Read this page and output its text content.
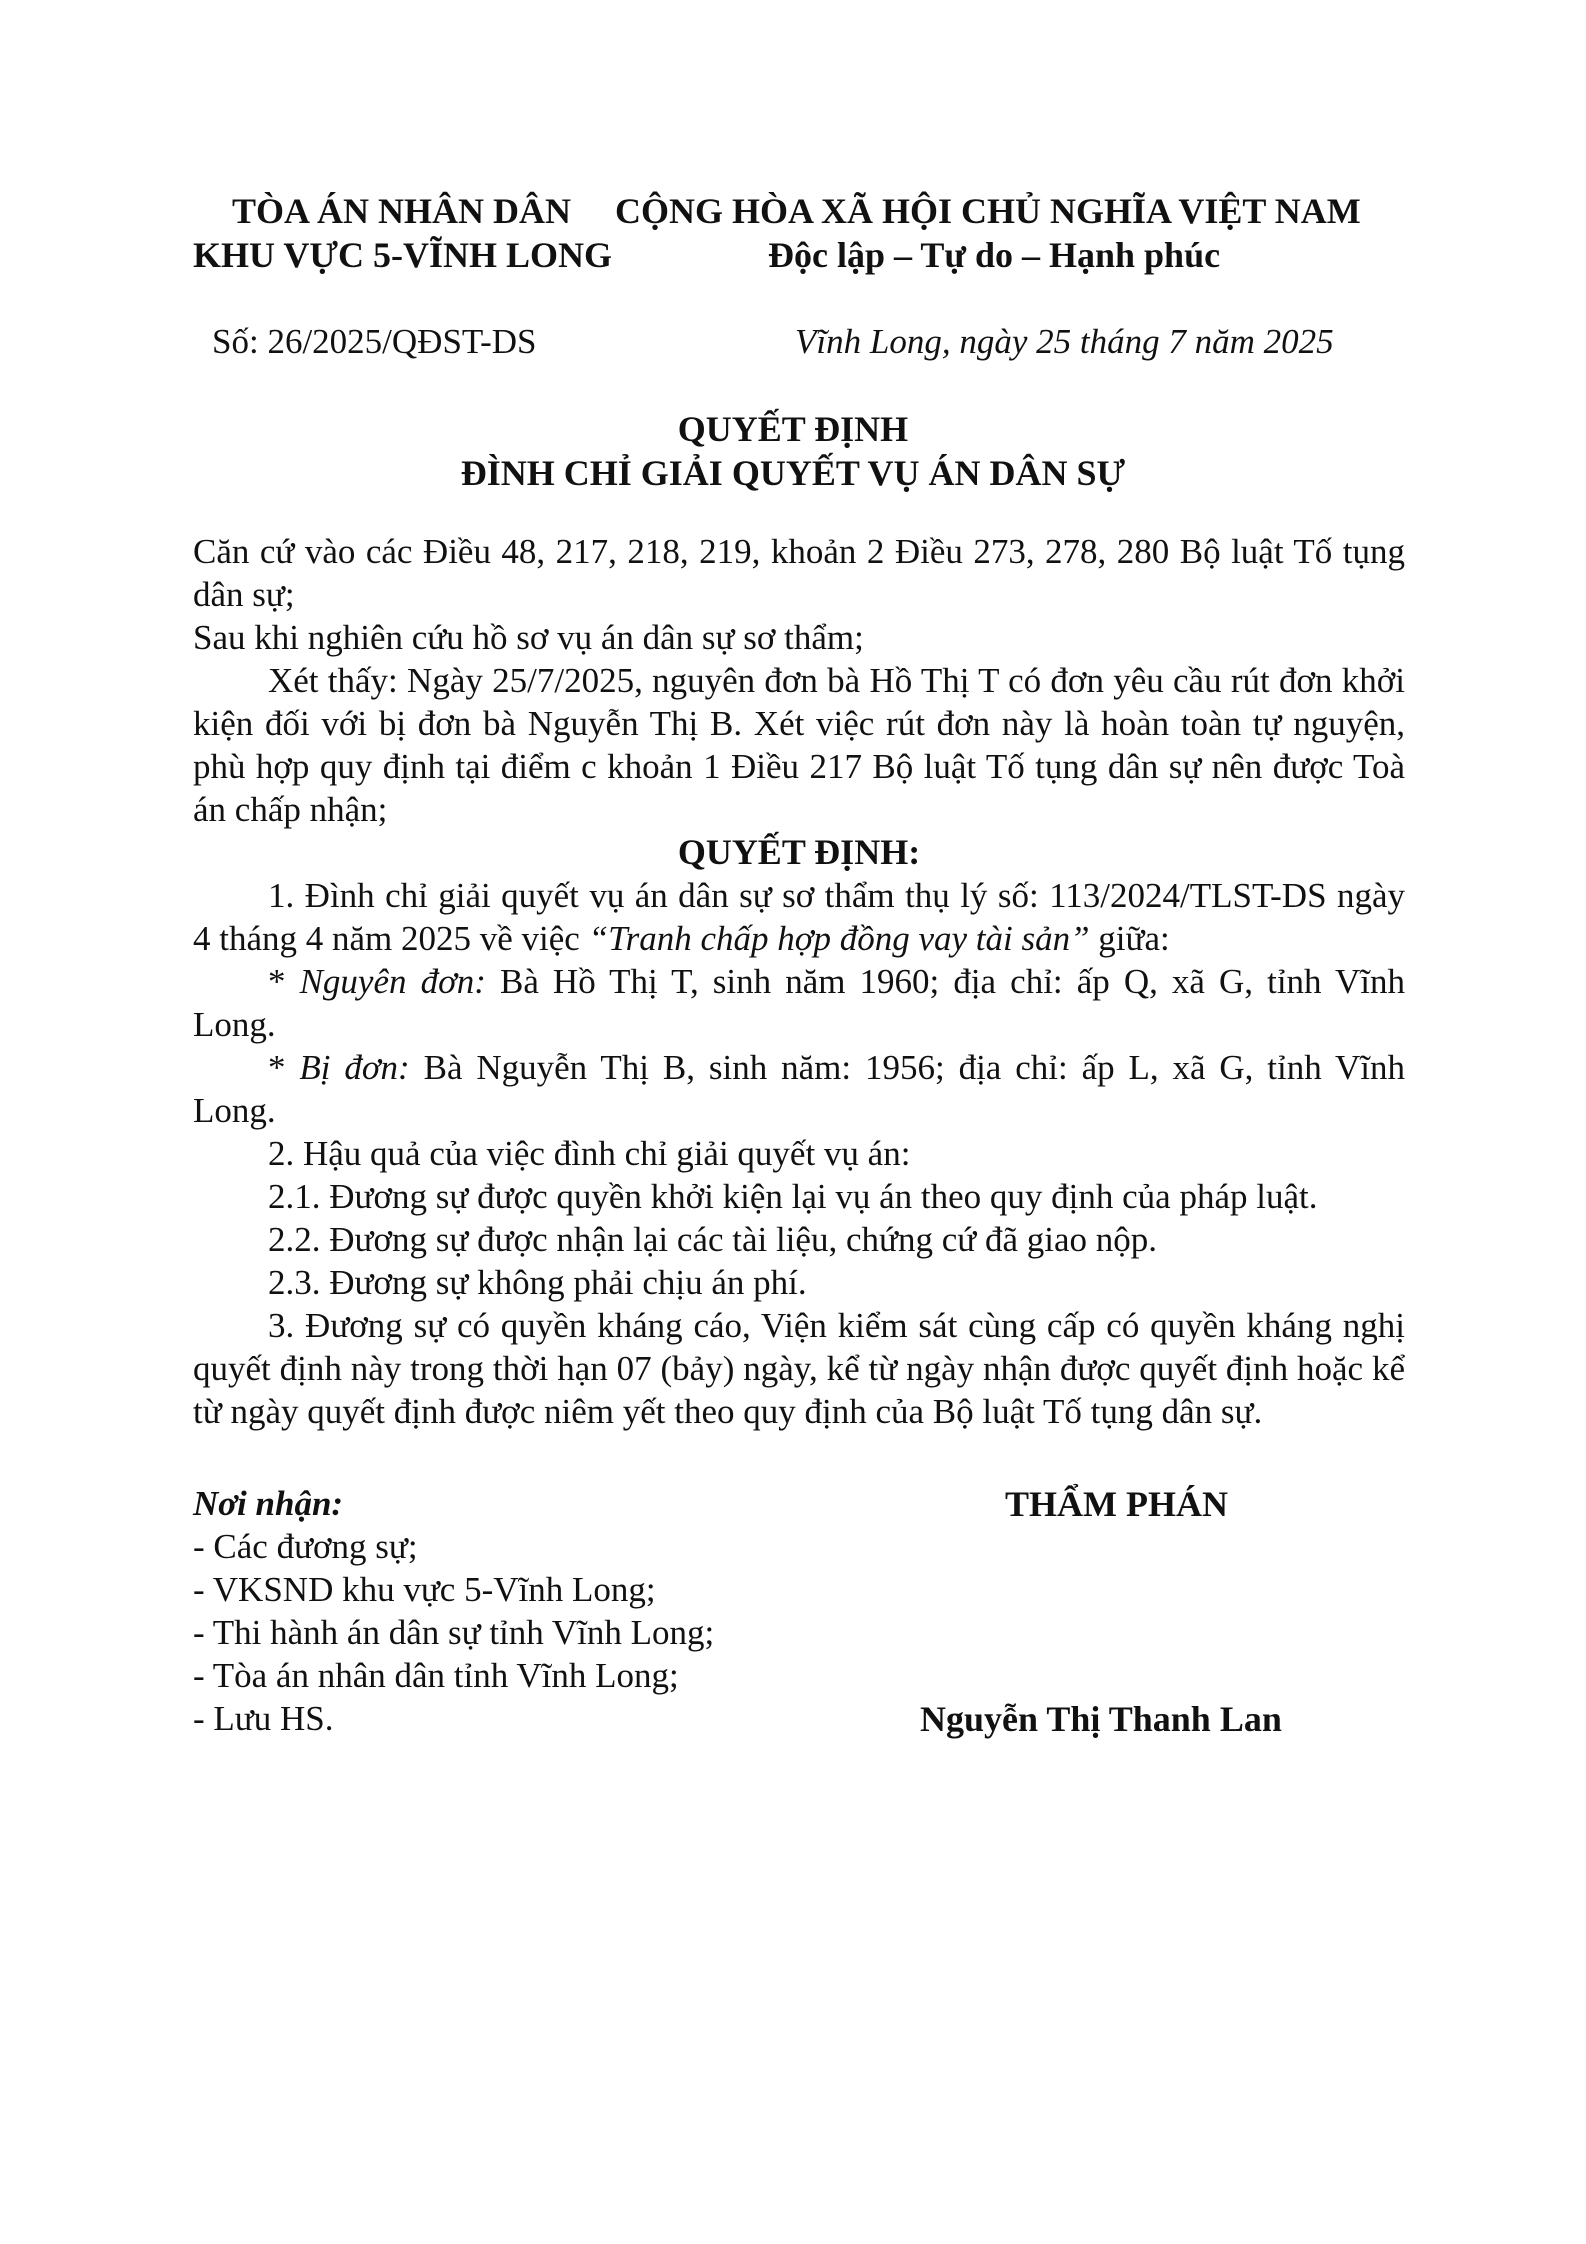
TÒA ÁN NHÂN DÂN
KHU VỰC 5-VĨNH LONG
CỘNG HÒA XÃ HỘI CHỦ NGHĨA VIỆT NAM
Độc lập – Tự do – Hạnh phúc
Số: 26/2025/QĐST-DS	Vĩnh Long, ngày 25 tháng 7 năm 2025
QUYẾT ĐỊNH
ĐÌNH CHỈ GIẢI QUYẾT VỤ ÁN DÂN SỰ

Căn cứ vào các Điều 48, 217, 218, 219, khoản 2 Điều 273, 278, 280 Bộ luật Tố tụng dân sự;

Sau khi nghiên cứu hồ sơ vụ án dân sự sơ thẩm;

Xét thấy: Ngày 25/7/2025, nguyên đơn bà Hồ Thị T có đơn yêu cầu rút đơn khởi kiện đối với bị đơn bà Nguyễn Thị B. Xét việc rút đơn này là hoàn toàn tự nguyện, phù hợp quy định tại điểm c khoản 1 Điều 217 Bộ luật Tố tụng dân sự nên được Toà án chấp nhận;

QUYẾT ĐỊNH:

1. Đình chỉ giải quyết vụ án dân sự sơ thẩm thụ lý số: 113/2024/TLST-DS ngày 4 tháng 4 năm 2025 về việc “Tranh chấp hợp đồng vay tài sản” giữa:

* Nguyên đơn: Bà Hồ Thị T, sinh năm 1960; địa chỉ: ấp Q, xã G, tỉnh Vĩnh Long.

* Bị đơn: Bà Nguyễn Thị B, sinh năm: 1956; địa chỉ: ấp L, xã G, tỉnh Vĩnh Long.

2. Hậu quả của việc đình chỉ giải quyết vụ án:

2.1. Đương sự được quyền khởi kiện lại vụ án theo quy định của pháp luật.

2.2. Đương sự được nhận lại các tài liệu, chứng cứ đã giao nộp.

2.3. Đương sự không phải chịu án phí.

3. Đương sự có quyền kháng cáo, Viện kiểm sát cùng cấp có quyền kháng nghị quyết định này trong thời hạn 07 (bảy) ngày, kể từ ngày nhận được quyết định hoặc kể từ ngày quyết định được niêm yết theo quy định của Bộ luật Tố tụng dân sự.

Nơi nhận:
- Các đương sự;
- VKSND khu vực 5-Vĩnh Long;
- Thi hành án dân sự tỉnh Vĩnh Long;
- Tòa án nhân dân tỉnh Vĩnh Long;
- Lưu HS.
THẨM PHÁN
Nguyễn Thị Thanh Lan
